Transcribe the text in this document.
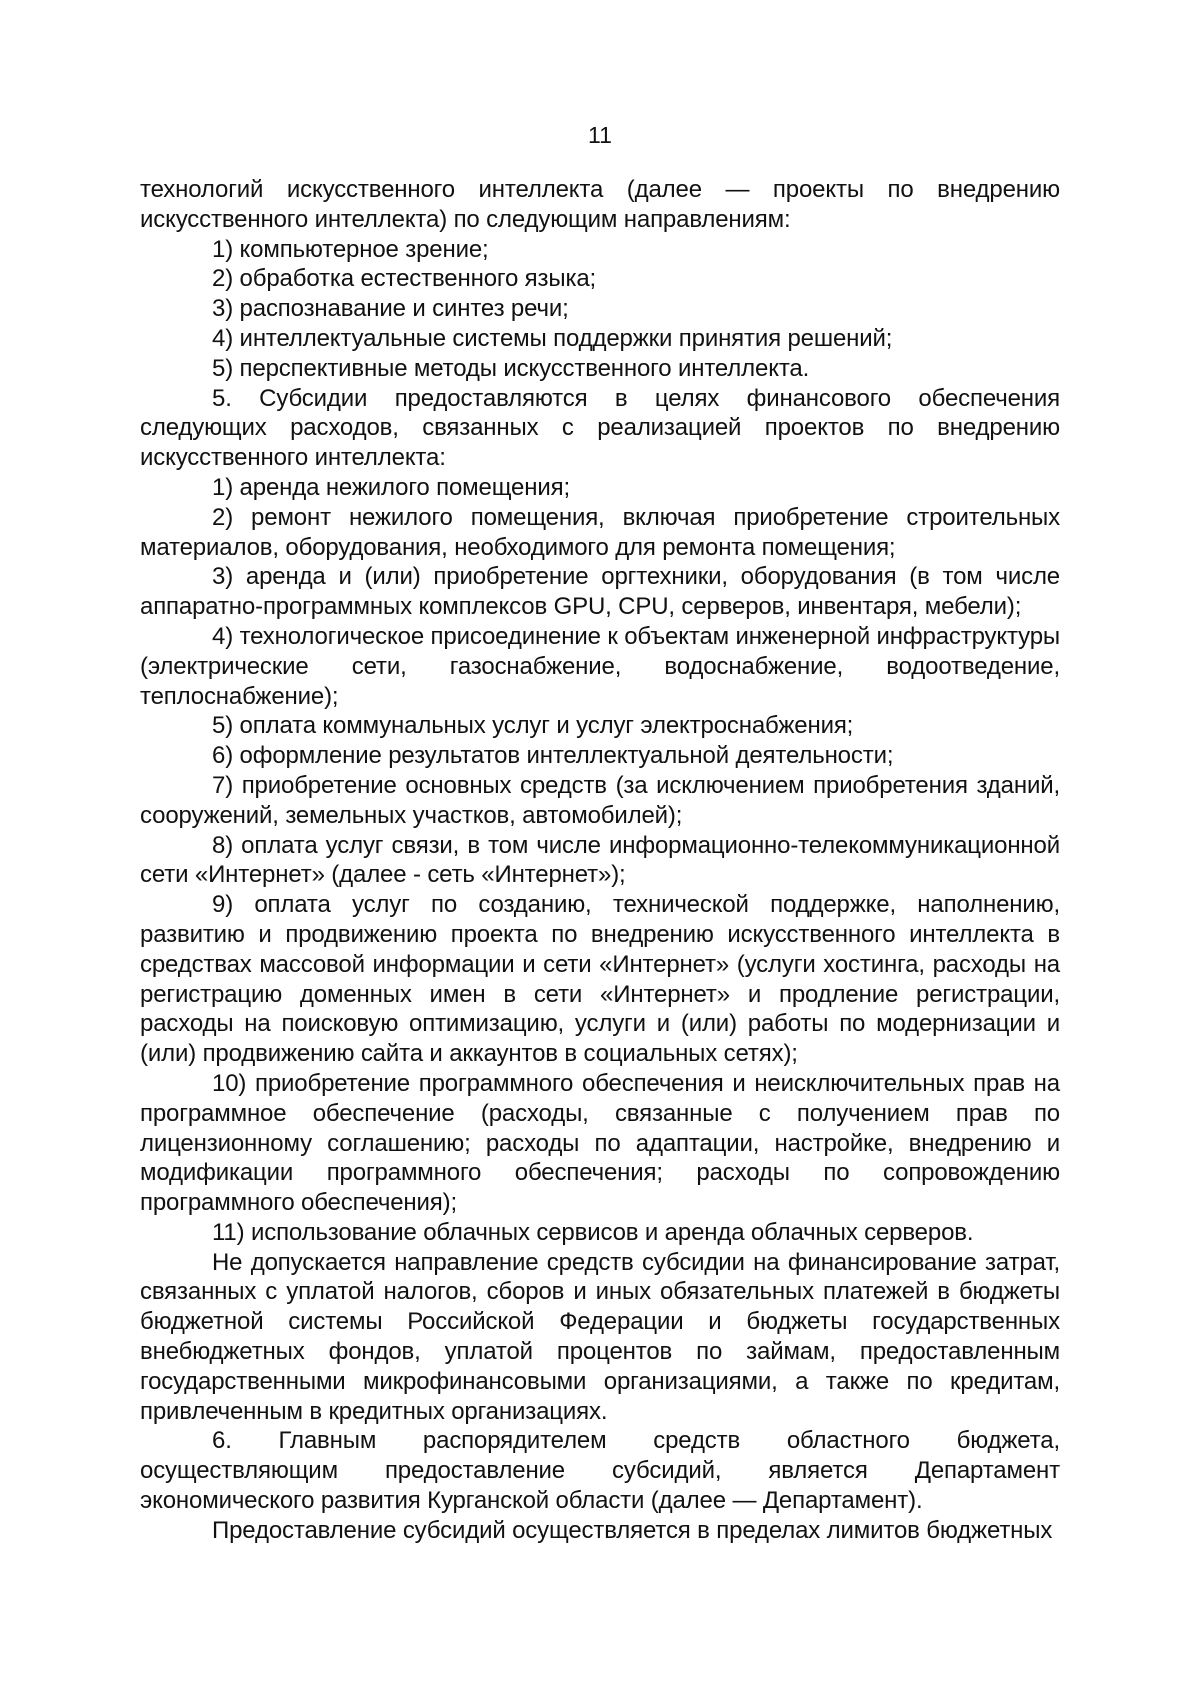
11

технологий искусственного интеллекта (далее — проекты по внедрению искусственного интеллекта) по следующим направлениям:

1) компьютерное зрение;

2) обработка естественного языка;

3) распознавание и синтез речи;

4) интеллектуальные системы поддержки принятия решений;

5) перспективные методы искусственного интеллекта.

5. Субсидии предоставляются в целях финансового обеспечения следующих расходов, связанных с реализацией проектов по внедрению искусственного интеллекта:

1) аренда нежилого помещения;

2) ремонт нежилого помещения, включая приобретение строительных материалов, оборудования, необходимого для ремонта помещения;

3) аренда и (или) приобретение оргтехники, оборудования (в том числе аппаратно-программных комплексов GPU, CPU, серверов, инвентаря, мебели);

4) технологическое присоединение к объектам инженерной инфраструктуры (электрические сети, газоснабжение, водоснабжение, водоотведение, теплоснабжение);

5) оплата коммунальных услуг и услуг электроснабжения;

6) оформление результатов интеллектуальной деятельности;

7) приобретение основных средств (за исключением приобретения зданий, сооружений, земельных участков, автомобилей);

8) оплата услуг связи, в том числе информационно-телекоммуникационной сети «Интернет» (далее - сеть «Интернет»);

9) оплата услуг по созданию, технической поддержке, наполнению, развитию и продвижению проекта по внедрению искусственного интеллекта в средствах массовой информации и сети «Интернет» (услуги хостинга, расходы на регистрацию доменных имен в сети «Интернет» и продление регистрации, расходы на поисковую оптимизацию, услуги и (или) работы по модернизации и (или) продвижению сайта и аккаунтов в социальных сетях);

10) приобретение программного обеспечения и неисключительных прав на программное обеспечение (расходы, связанные с получением прав по лицензионному соглашению; расходы по адаптации, настройке, внедрению и модификации программного обеспечения; расходы по сопровождению программного обеспечения);

11) использование облачных сервисов и аренда облачных серверов.

Не допускается направление средств субсидии на финансирование затрат, связанных с уплатой налогов, сборов и иных обязательных платежей в бюджеты бюджетной системы Российской Федерации и бюджеты государственных внебюджетных фондов, уплатой процентов по займам, предоставленным государственными микрофинансовыми организациями, а также по кредитам, привлеченным в кредитных организациях.

6. Главным распорядителем средств областного бюджета, осуществляющим предоставление субсидий, является Департамент экономического развития Курганской области (далее — Департамент).

Предоставление субсидий осуществляется в пределах лимитов бюджетных
